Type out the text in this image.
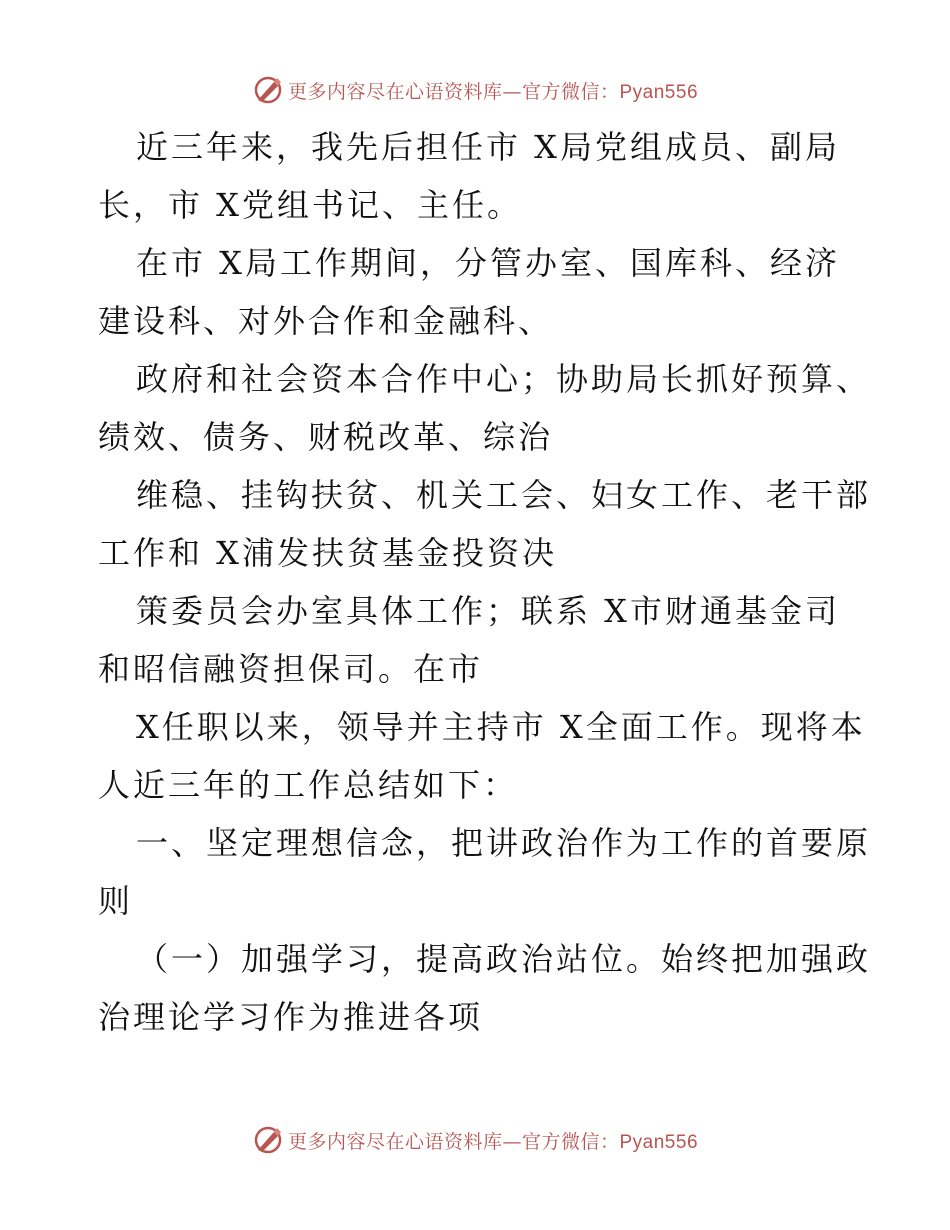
更多内容尽在心语资料库—官方微信：Pyan556
近三年来，我先后担任市 X局党组成员、副局
长，市 X党组书记、主任。
在市 X局工作期间，分管办室、国库科、经济
建设科、对外合作和金融科、
政府和社会资本合作中心；协助局长抓好预算、
绩效、债务、财税改革、综治
维稳、挂钩扶贫、机关工会、妇女工作、老干部
工作和 X浦发扶贫基金投资决
策委员会办室具体工作；联系 X市财通基金司
和昭信融资担保司。在市
X任职以来，领导并主持市 X全面工作。现将本
人近三年的工作总结如下：
一、坚定理想信念，把讲政治作为工作的首要原
则
（一）加强学习，提高政治站位。始终把加强政
治理论学习作为推进各项
更多内容尽在心语资料库—官方微信：Pyan556
